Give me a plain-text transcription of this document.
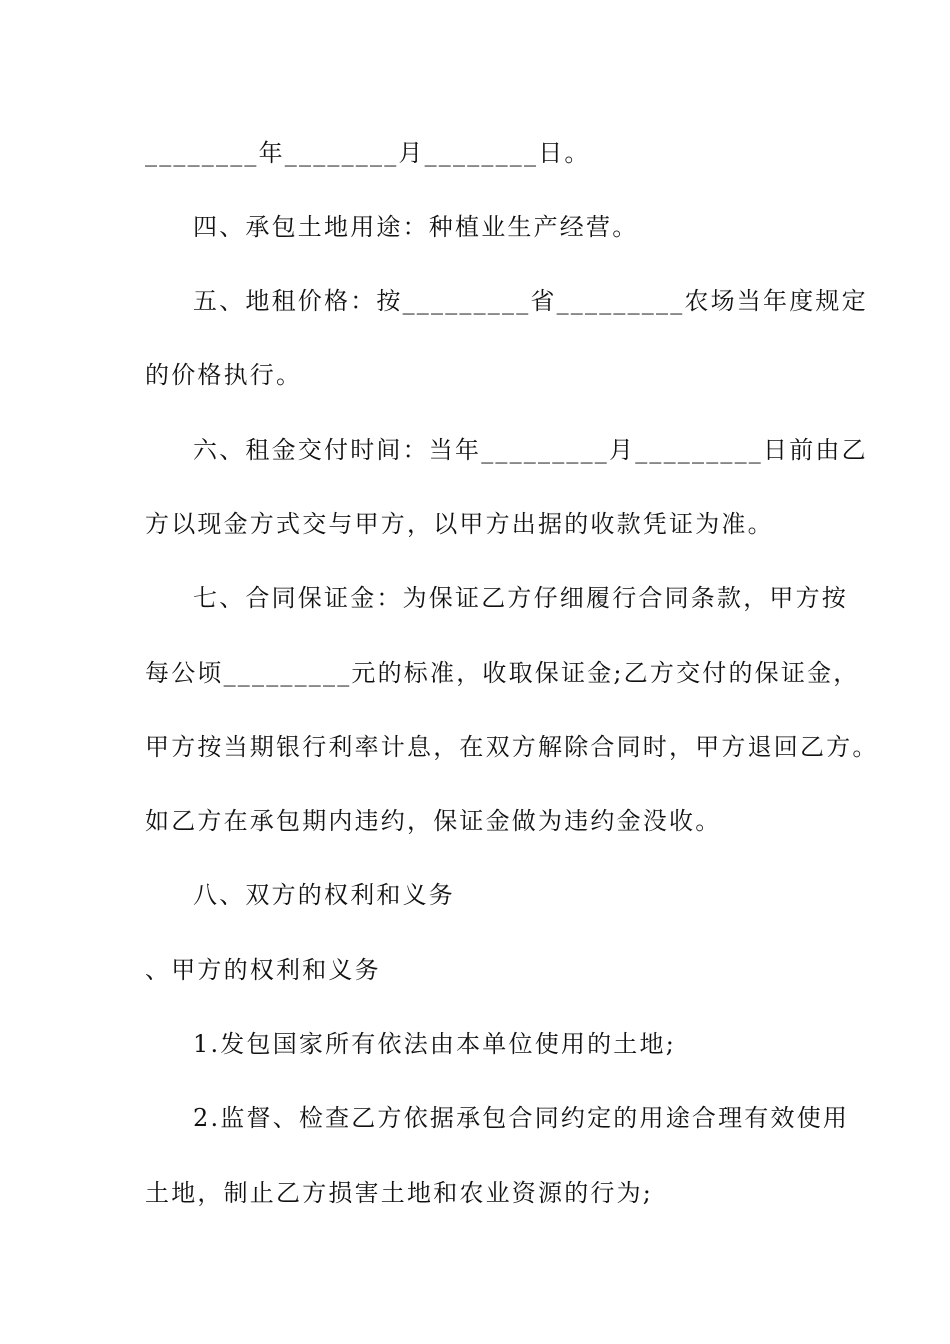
________年________月________日。
四、承包土地用途：种植业生产经营。
五、地租价格：按_________省_________农场当年度规定
的价格执行。
六、租金交付时间：当年_________月_________日前由乙
方以现金方式交与甲方，以甲方出据的收款凭证为准。
七、合同保证金：为保证乙方仔细履行合同条款，甲方按
每公顷_________元的标准，收取保证金;乙方交付的保证金，
甲方按当期银行利率计息，在双方解除合同时，甲方退回乙方。
如乙方在承包期内违约，保证金做为违约金没收。
八、双方的权利和义务
、甲方的权利和义务
1.发包国家所有依法由本单位使用的土地;
2.监督、检查乙方依据承包合同约定的用途合理有效使用
土地，制止乙方损害土地和农业资源的行为;
